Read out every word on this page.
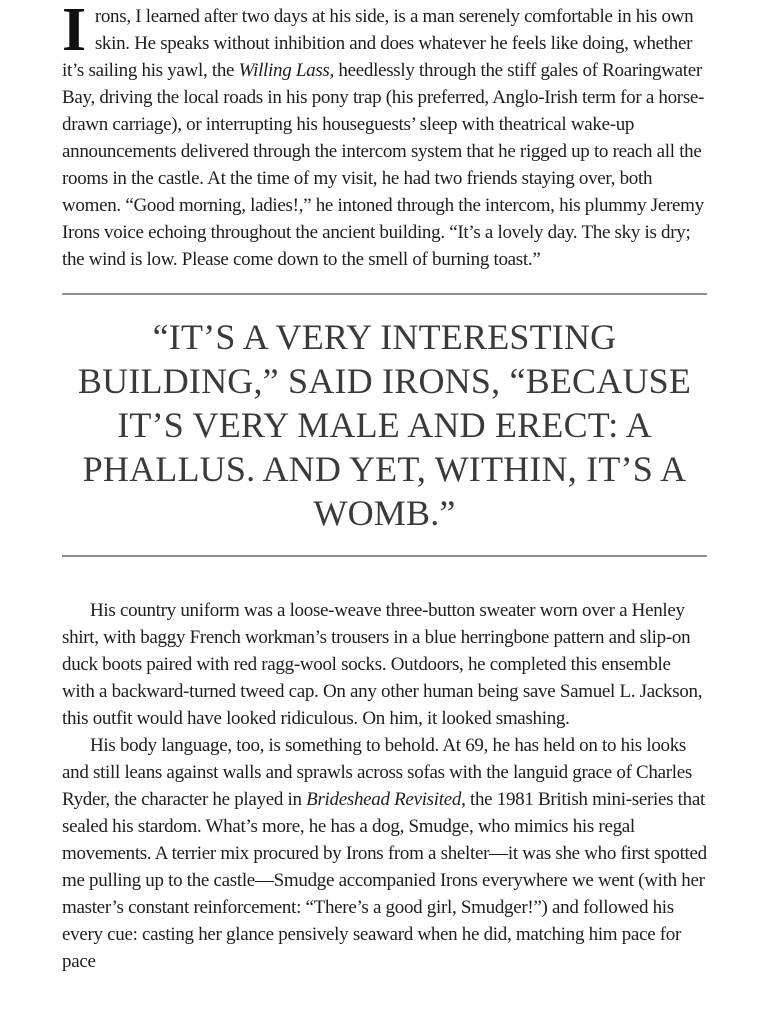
Irons, I learned after two days at his side, is a man serenely comfortable in his own skin. He speaks without inhibition and does whatever he feels like doing, whether it’s sailing his yawl, the Willing Lass, heedlessly through the stiff gales of Roaringwater Bay, driving the local roads in his pony trap (his preferred, Anglo-Irish term for a horse-drawn carriage), or interrupting his houseguests’ sleep with theatrical wake-up announcements delivered through the intercom system that he rigged up to reach all the rooms in the castle. At the time of my visit, he had two friends staying over, both women. “Good morning, ladies!,” he intoned through the intercom, his plummy Jeremy Irons voice echoing throughout the ancient building. “It’s a lovely day. The sky is dry; the wind is low. Please come down to the smell of burning toast.”

“IT’S A VERY INTERESTING
BUILDING,” SAID IRONS, “BECAUSE
IT’S VERY MALE AND ERECT: A
PHALLUS. AND YET, WITHIN, IT’S A
WOMB.”

His country uniform was a loose-weave three-button sweater worn over a Henley shirt, with baggy French workman’s trousers in a blue herringbone pattern and slip-on duck boots paired with red ragg-wool socks. Outdoors, he completed this ensemble with a backward-turned tweed cap. On any other human being save Samuel L. Jackson, this outfit would have looked ridiculous. On him, it looked smashing.

His body language, too, is something to behold. At 69, he has held on to his looks and still leans against walls and sprawls across sofas with the languid grace of Charles Ryder, the character he played in Brideshead Revisited, the 1981 British mini-series that sealed his stardom. What’s more, he has a dog, Smudge, who mimics his regal movements. A terrier mix procured by Irons from a shelter—it was she who first spotted me pulling up to the castle—Smudge accompanied Irons everywhere we went (with her master’s constant reinforcement: “There’s a good girl, Smudger!”) and followed his every cue: casting her glance pensively seaward when he did, matching him pace for pace
